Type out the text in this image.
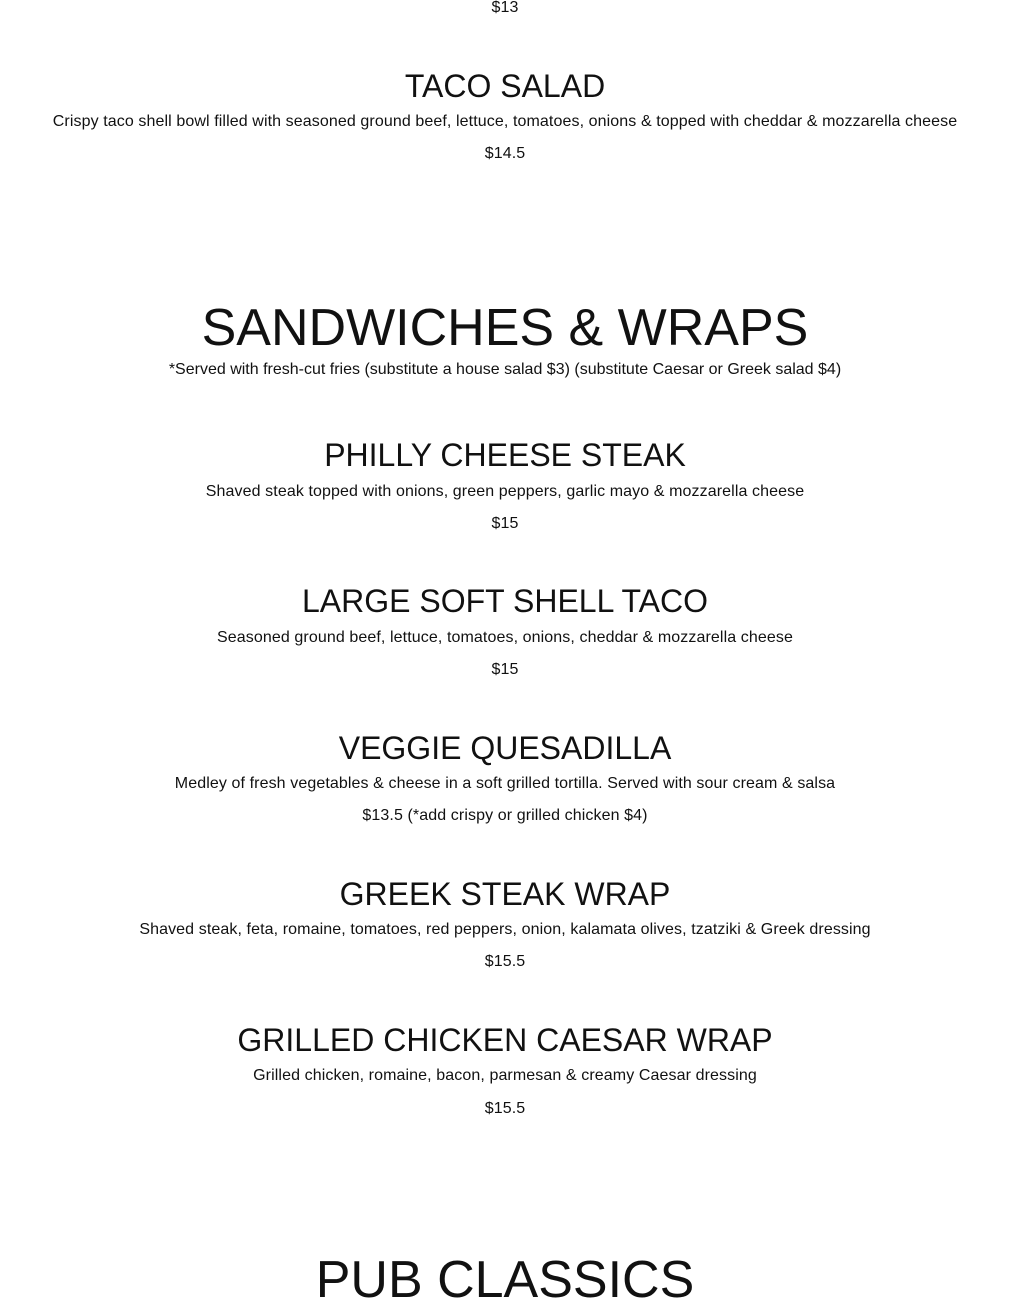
$13
TACO SALAD

Crispy taco shell bowl filled with seasoned ground beef, lettuce, tomatoes, onions & topped with cheddar & mozzarella cheese

$14.5

SANDWICHES & WRAPS

*Served with fresh-cut fries (substitute a house salad $3) (substitute Caesar or Greek salad $4)

PHILLY CHEESE STEAK

Shaved steak topped with onions, green peppers, garlic mayo & mozzarella cheese

$15

LARGE SOFT SHELL TACO

Seasoned ground beef, lettuce, tomatoes, onions, cheddar & mozzarella cheese

$15

VEGGIE QUESADILLA

Medley of fresh vegetables & cheese in a soft grilled tortilla. Served with sour cream & salsa

$13.5 (*add crispy or grilled chicken $4)

GREEK STEAK WRAP

Shaved steak, feta, romaine, tomatoes, red peppers, onion, kalamata olives, tzatziki & Greek dressing

$15.5

GRILLED CHICKEN CAESAR WRAP

Grilled chicken, romaine, bacon, parmesan & creamy Caesar dressing

$15.5

PUB CLASSICS
